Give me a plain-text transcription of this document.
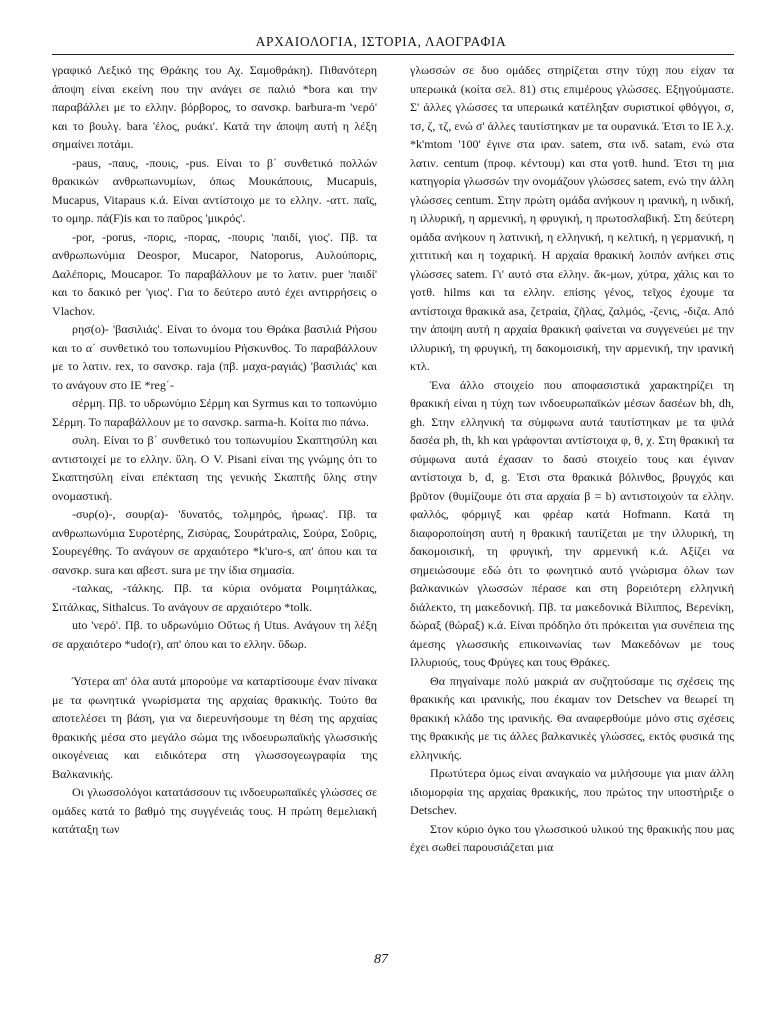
ΑΡΧΑΙΟΛΟΓΙΑ, ΙΣΤΟΡΙΑ, ΛΑΟΓΡΑΦΙΑ

γραφικό Λεξικό της Θράκης του Αχ. Σαμοθράκη). Πιθανότερη άποψη είναι εκείνη που την ανάγει σε παλιό *bora και την παραβάλλει με το ελλην. βόρβορος, το σανσκρ. barbura-m 'νερό' και το βουλγ. bara 'έλος, ρυάκι'. Κατά την άποψη αυτή η λέξη σημαίνει ποτάμι.

-paus, -παυς, -πουις, -pus. Είναι το β΄ συνθετικό πολλών θρακικών ανθρωπωνυμίων, όπως Μουκάπουις, Mucapuis, Mucapus, Vitapaus κ.ά. Είναι αντίστοιχο με το ελλην. -αττ. παῖς, το ομηρ. πά(F)is και το παῦρος 'μικρός'.

-por, -porus, -πορις, -πορας, -πουρις 'παιδί, γιος'. Πβ. τα ανθρωπωνύμια Deospor, Mucapor, Natoporus, Αυλούπορις, Δαλέπορις, Moucapor. Το παραβάλλουν με το λατιν. puer 'παιδί' και το δακικό per 'γιος'. Για το δεύτερο αυτό έχει αντιρρήσεις ο Vlachov.

ρησ(ο)- 'βασιλιάς'. Είναι το όνομα του Θράκα βασιλιά Ρήσου και το α΄ συνθετικό του τοπωνυμίου Ρήσκυνθος. Το παραβάλλουν με το λατιν. rex, το σανσκρ. raja (πβ. μαχα-ραγιάς) 'βασιλιάς' και το ανάγουν στο ΙΕ *reg΄-

σέρμη. Πβ. το υδρωνύμιο Σέρμη και Syrmus και το τοπωνύμιο Σέρμη. Το παραβάλλουν με το σανσκρ. sarma-h. Κοίτα πιο πάνω.

συλη. Είναι το β΄ συνθετικό του τοπωνυμίου Σκαπτησύλη και αντιστοιχεί με το ελλην. ὕλη. Ο V. Pisani είναι της γνώμης ότι το Σκαπτησύλη είναι επέκταση της γενικής Σκαπτῆς ὕλης στην ονομαστική.

-συρ(ο)-, σουρ(α)- 'δυνατός, τολμηρός, ήρωας'. Πβ. τα ανθρωπωνύμια Συροτέρης, Ζισύρας, Σουράτραλις, Σούρα, Σοῦρις, Σουρεγέθης. Το ανάγουν σε αρχαιότερο *k'uro-s, απ' όπου και τα σανσκρ. sura και αβεστ. sura με την ίδια σημασία.

-ταλκας, -τάλκης. Πβ. τα κύρια ονόματα Ροιμητάλκας, Σιτάλκας, Sithalcus. Το ανάγουν σε αρχαιότερο *tolk.

uto 'νερό'. Πβ. το υδρωνύμιο Οὔτως ή Utus. Ανάγουν τη λέξη σε αρχαιότερο *udo(r), απ' όπου και το ελλην. ὕδωρ.

Ύστερα απ' όλα αυτά μπορούμε να καταρτίσουμε έναν πίνακα με τα φωνητικά γνωρίσματα της αρχαίας θρακικής. Τούτο θα αποτελέσει τη βάση, για να διερευνήσουμε τη θέση της αρχαίας θρακικής μέσα στο μεγάλο σώμα της ινδοευρωπαϊκής γλωσσικής οικογένειας και ειδικότερα στη γλωσσογεωγραφία της Βαλκανικής.

Οι γλωσσολόγοι κατατάσσουν τις ινδοευρωπαϊκές γλώσσες σε ομάδες κατά το βαθμό της συγγένειάς τους. Η πρώτη θεμελιακή κατάταξη των

γλωσσών σε δυο ομάδες στηρίζεται στην τύχη που είχαν τα υπερωικά (κοίτα σελ. 81) στις επιμέρους γλώσσες. Εξηγούμαστε. Σ' άλλες γλώσσες τα υπερωικά κατέληξαν συριστικοί φθόγγοι, σ, τσ, ζ, τζ, ενώ σ' άλλες ταυτίστηκαν με τα ουρανικά. Έτσι το ΙΕ λ.χ. *k'mtom '100' έγινε στα ιραν. satem, στα ινδ. satam, ενώ στα λατιν. centum (προφ. κέντουμ) και στα γοτθ. hund. Έτσι τη μια κατηγορία γλωσσών την ονομάζουν γλώσσες satem, ενώ την άλλη γλώσσες centum. Στην πρώτη ομάδα ανήκουν η ιρανική, η ινδική, η ιλλυρική, η αρμενική, η φρυγική, η πρωτοσλαβική. Στη δεύτερη ομάδα ανήκουν η λατινική, η ελληνική, η κελτική, η γερμανική, η χιττιτική και η τοχαρική. Η αρχαία θρακική λοιπόν ανήκει στις γλώσσες satem. Γι' αυτό στα ελλην. ἄκ-μων, χύτρα, χάλις και το γοτθ. hilms και τα ελλην. επίσης γένος, τεῖχος έχουμε τα αντίστοιχα θρακικά asa, ζετραία, ζῆλας, ζαλμός, -ζενις, -διζα. Από την άποψη αυτή η αρχαία θρακική φαίνεται να συγγενεύει με την ιλλυρική, τη φρυγική, τη δακομοισική, την αρμενική, την ιρανική κτλ.

Ένα άλλο στοιχείο που αποφασιστικά χαρακτηρίζει τη θρακική είναι η τύχη των ινδοευρωπαϊκών μέσων δασέων bh, dh, gh. Στην ελληνική τα σύμφωνα αυτά ταυτίστηκαν με τα ψιλά δασέα ph, th, kh και γράφονται αντίστοιχα φ, θ, χ. Στη θρακική τα σύμφωνα αυτά έχασαν το δασύ στοιχείο τους και έγιναν αντίστοιχα b, d, g. Έτσι στα θρακικά βόλινθος, βρυγχός και βρῦτον (θυμίζουμε ότι στα αρχαία β = b) αντιστοιχούν τα ελλην. φαλλός, φόρμιγξ και φρέαρ κατά Hofmann. Κατά τη διαφοροποίηση αυτή η θρακική ταυτίζεται με την ιλλυρική, τη δακομοισική, τη φρυγική, την αρμενική κ.ά. Αξίζει να σημειώσουμε εδώ ότι το φωνητικό αυτό γνώρισμα όλων των βαλκανικών γλωσσών πέρασε και στη βορειότερη ελληνική διάλεκτο, τη μακεδονική. Πβ. τα μακεδονικά Βίλιππος, Βερενίκη, δώραξ (θώραξ) κ.ά. Είναι πρόδηλο ότι πρόκειται για συνέπεια της άμεσης γλωσσικής επικοινωνίας των Μακεδόνων με τους Ιλλυριούς, τους Φρύγες και τους Θράκες.

Θα πηγαίναμε πολύ μακριά αν συζητούσαμε τις σχέσεις της θρακικής και ιρανικής, που έκαμαν τον Detschev να θεωρεί τη θρακική κλάδο της ιρανικής. Θα αναφερθούμε μόνο στις σχέσεις της θρακικής με τις άλλες βαλκανικές γλώσσες, εκτός φυσικά της ελληνικής.

Πρωτύτερα όμως είναι αναγκαίο να μιλήσουμε για μιαν άλλη ιδιομορφία της αρχαίας θρακικής, που πρώτος την υποστήριξε ο Detschev.

Στον κύριο όγκο του γλωσσικού υλικού της θρακικής που μας έχει σωθεί παρουσιάζεται μια

87
